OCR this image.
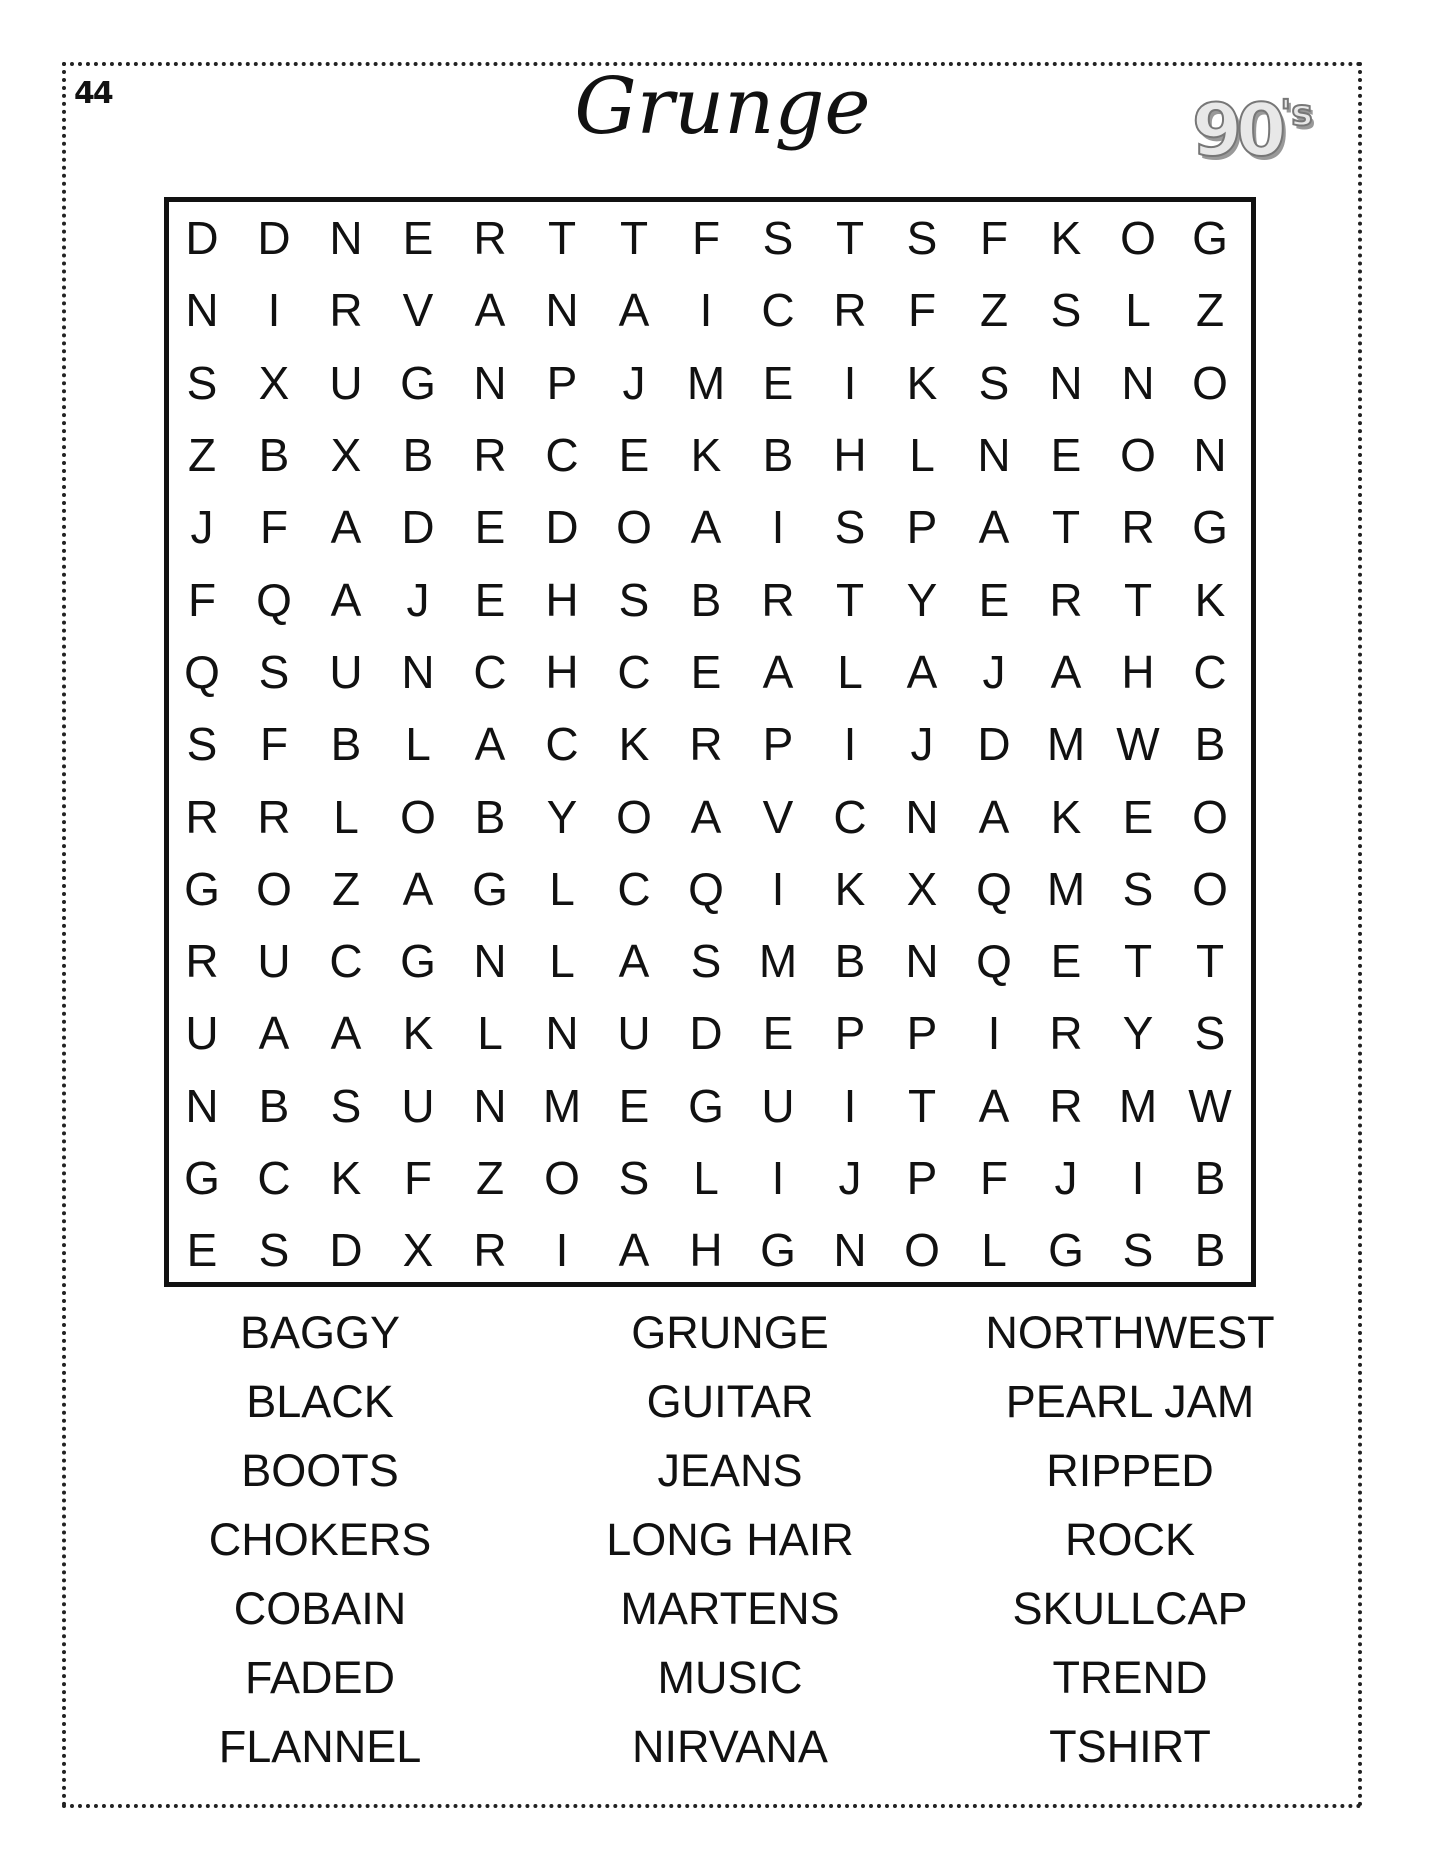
44	Grunge	$90^{'s}$
D D N E R T T F S T S F K O G
N	I	R V A N A	I	C R F Z S L Z
S X U G N P J M E	I	K S N N O
Z B X B R C E K B H L N E O N
J	F A D E D O A	I	S P A T R G
F Q A J E H S B R T Y E R T K
Q S U N C H C E A L A J A H C
S F B L A C K R P	I	J D M W B
R R L O B Y O A V C N A K E O
G O Z A G L C Q	I	K X Q M S O
R U C G N L A S M B N Q E T T
U A A K L N U D E P P	I	R Y S
N B S U N M E G U	I	T A R M W
G C K F Z O S L	I	J P F	J	I	B
E S D X R	I	A H G N O L G S B
BAGGY
BLACK
BOOTS
CHOKERS
COBAIN
FADED
FLANNEL
GRUNGE
GUITAR
JEANS
LONG HAIR
MARTENS
MUSIC
NIRVANA
NORTHWEST
PEARL JAM
RIPPED
ROCK
SKULLCAP
TREND
TSHIRT
